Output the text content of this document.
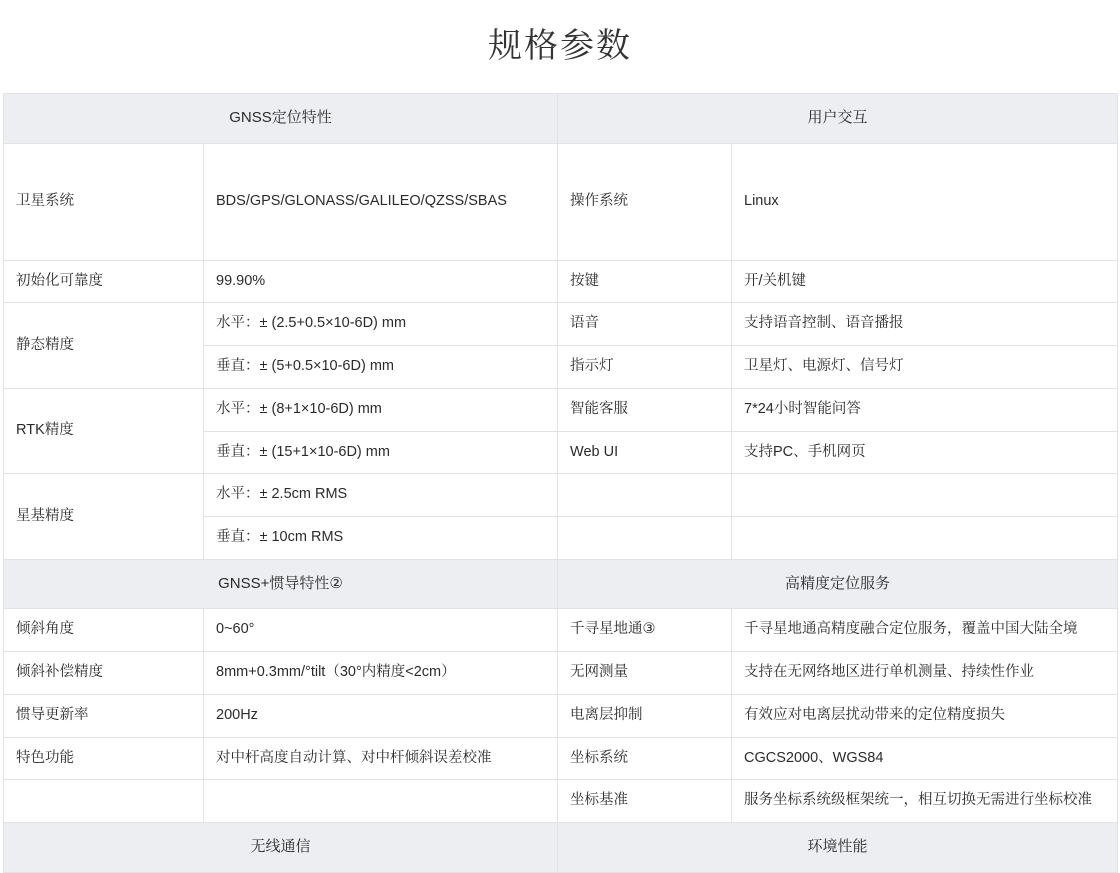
规格参数
GNSS定位特性		用户交互	
卫星系统	BDS/GPS/GLONASS/GALILEO/QZSS/SBAS	操作系统	Linux
初始化可靠度	99.90%	按键	开/关机键
静态精度	水平：± (2.5+0.5×10-6D) mm	语音	支持语音控制、语音播报
	垂直：± (5+0.5×10-6D) mm	指示灯	卫星灯、电源灯、信号灯
RTK精度	水平：± (8+1×10-6D) mm	智能客服	7*24小时智能问答
	垂直：± (15+1×10-6D) mm	Web UI	支持PC、手机网页
星基精度	水平：± 2.5cm RMS		
	垂直：± 10cm RMS		
GNSS+惯导特性②		高精度定位服务	
倾斜角度	0~60°	千寻星地通③	千寻星地通高精度融合定位服务，覆盖中国大陆全境
倾斜补偿精度	8mm+0.3mm/°tilt（30°内精度<2cm）	无网测量	支持在无网络地区进行单机测量、持续性作业
惯导更新率	200Hz	电离层抑制	有效应对电离层扰动带来的定位精度损失
特色功能	对中杆高度自动计算、对中杆倾斜误差校准	坐标系统	CGCS2000、WGS84
		坐标基准	服务坐标系统级框架统一，相互切换无需进行坐标校准
无线通信		环境性能	
